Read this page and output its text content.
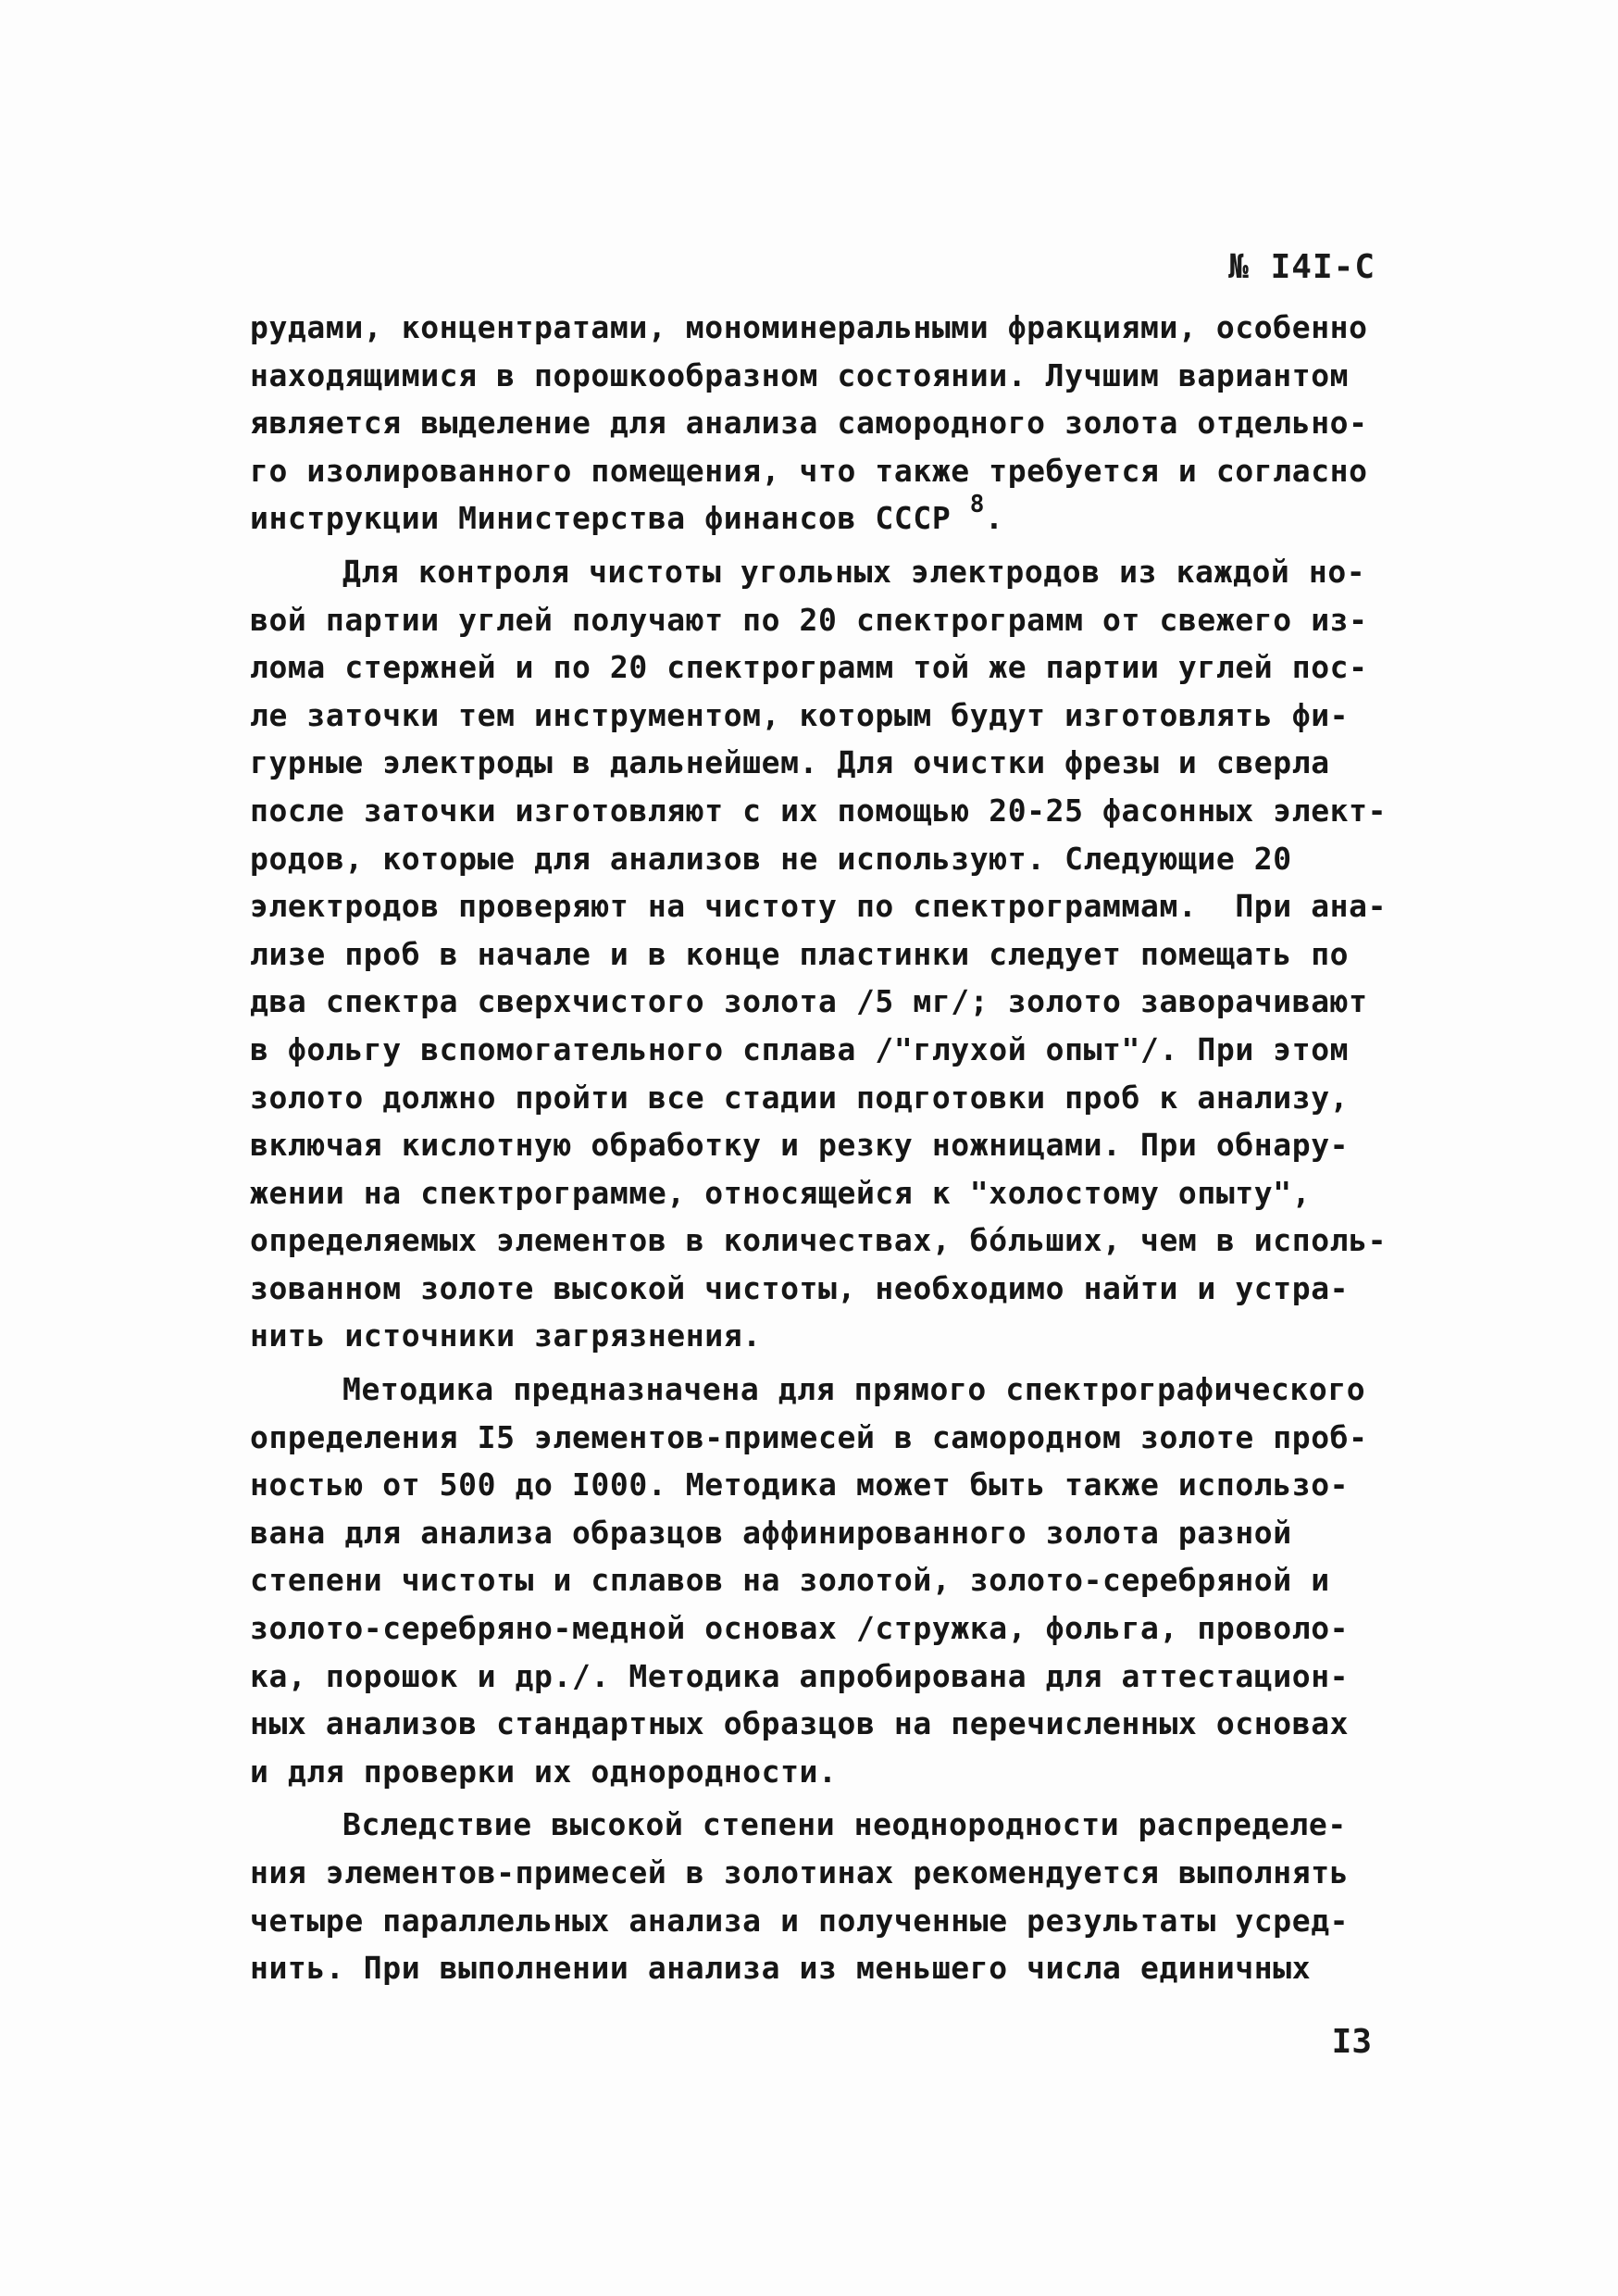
№ I4I-C
рудами, концентратами, мономинеральными фракциями, особенно
находящимися в порошкообразном состоянии. Лучшим вариантом
является выделение для анализа самородного золота отдельно-
го изолированного помещения, что также требуется и согласно
инструкции Министерства финансов СССР $^8$.
Для контроля чистоты угольных электродов из каждой но-
вой партии углей получают по 20 спектрограмм от свежего из-
лома стержней и по 20 спектрограмм той же партии углей пос-
ле заточки тем инструментом, которым будут изготовлять фи-
гурные электроды в дальнейшем. Для очистки фрезы и сверла
после заточки изготовляют с их помощью 20-25 фасонных элект-
родов, которые для анализов не используют. Следующие 20
электродов проверяют на чистоту по спектрограммам.  При ана-
лизе проб в начале и в конце пластинки следует помещать по
два спектра сверхчистого золота /5 мг/; золото заворачивают
в фольгу вспомогательного сплава /"глухой опыт"/. При этом
золото должно пройти все стадии подготовки проб к анализу,
включая кислотную обработку и резку ножницами. При обнару-
жении на спектрограмме, относящейся к "холостому опыту",
определяемых элементов в количествах, бо́льших, чем в исполь-
зованном золоте высокой чистоты, необходимо найти и устра-
нить источники загрязнения.
Методика предназначена для прямого спектрографического
определения I5 элементов-примесей в самородном золоте проб-
ностью от 500 до I000. Методика может быть также использо-
вана для анализа образцов аффинированного золота разной
степени чистоты и сплавов на золотой, золото-серебряной и
золото-серебряно-медной основах /стружка, фольга, проволо-
ка, порошок и др./. Методика апробирована для аттестацион-
ных анализов стандартных образцов на перечисленных основах
и для проверки их однородности.
Вследствие высокой степени неоднородности распределе-
ния элементов-примесей в золотинах рекомендуется выполнять
четыре параллельных анализа и полученные результаты усред-
нить. При выполнении анализа из меньшего числа единичных
I3
